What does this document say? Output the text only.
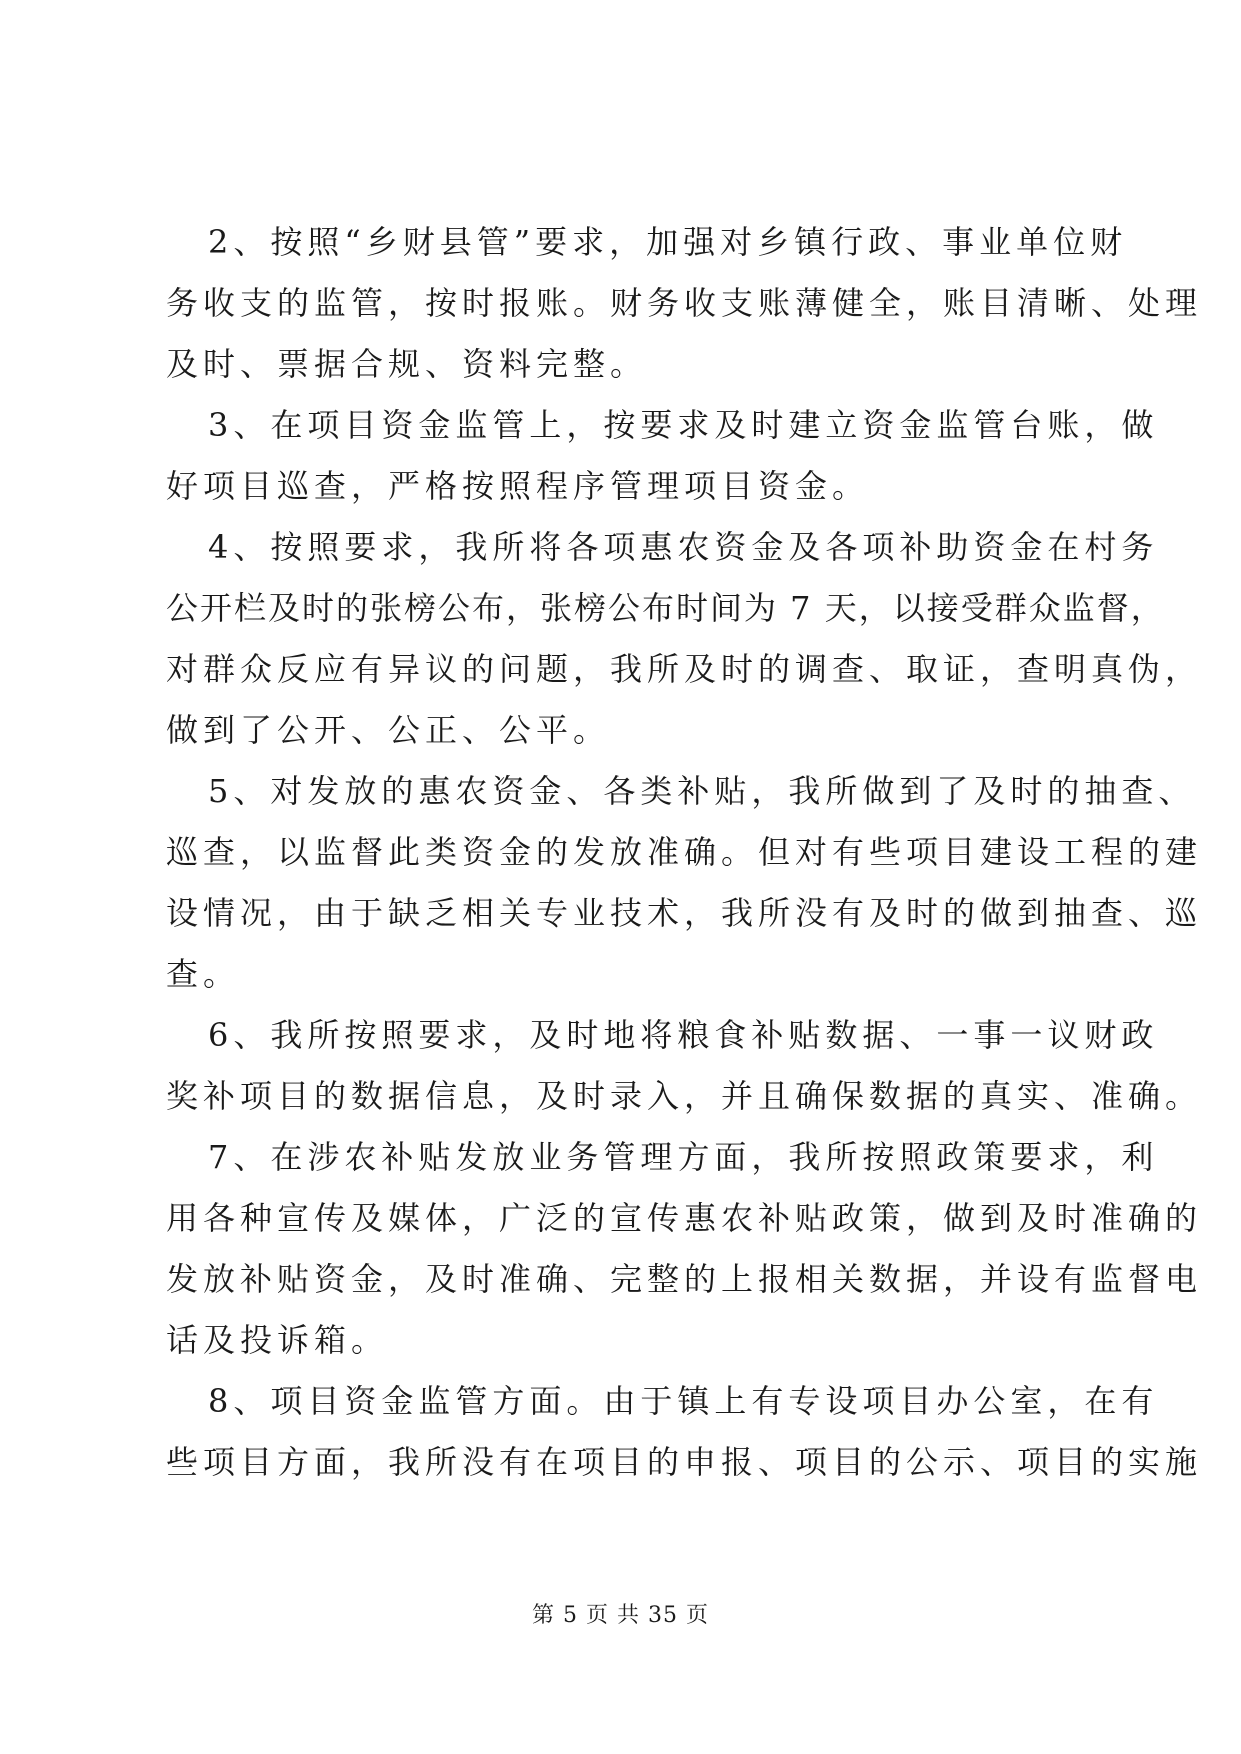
2、按照“乡财县管”要求，加强对乡镇行政、事业单位财
务收支的监管，按时报账。财务收支账薄健全，账目清晰、处理
及时、票据合规、资料完整。
3、在项目资金监管上，按要求及时建立资金监管台账，做
好项目巡查，严格按照程序管理项目资金。
4、按照要求，我所将各项惠农资金及各项补助资金在村务
公开栏及时的张榜公布，张榜公布时间为 7 天，以接受群众监督，
对群众反应有异议的问题，我所及时的调查、取证，查明真伪，
做到了公开、公正、公平。
5、对发放的惠农资金、各类补贴，我所做到了及时的抽查、
巡查，以监督此类资金的发放准确。但对有些项目建设工程的建
设情况，由于缺乏相关专业技术，我所没有及时的做到抽查、巡
查。
6、我所按照要求，及时地将粮食补贴数据、一事一议财政
奖补项目的数据信息，及时录入，并且确保数据的真实、准确。
7、在涉农补贴发放业务管理方面，我所按照政策要求，利
用各种宣传及媒体，广泛的宣传惠农补贴政策，做到及时准确的
发放补贴资金，及时准确、完整的上报相关数据，并设有监督电
话及投诉箱。
8、项目资金监管方面。由于镇上有专设项目办公室，在有
些项目方面，我所没有在项目的申报、项目的公示、项目的实施
第 5 页 共 35 页
